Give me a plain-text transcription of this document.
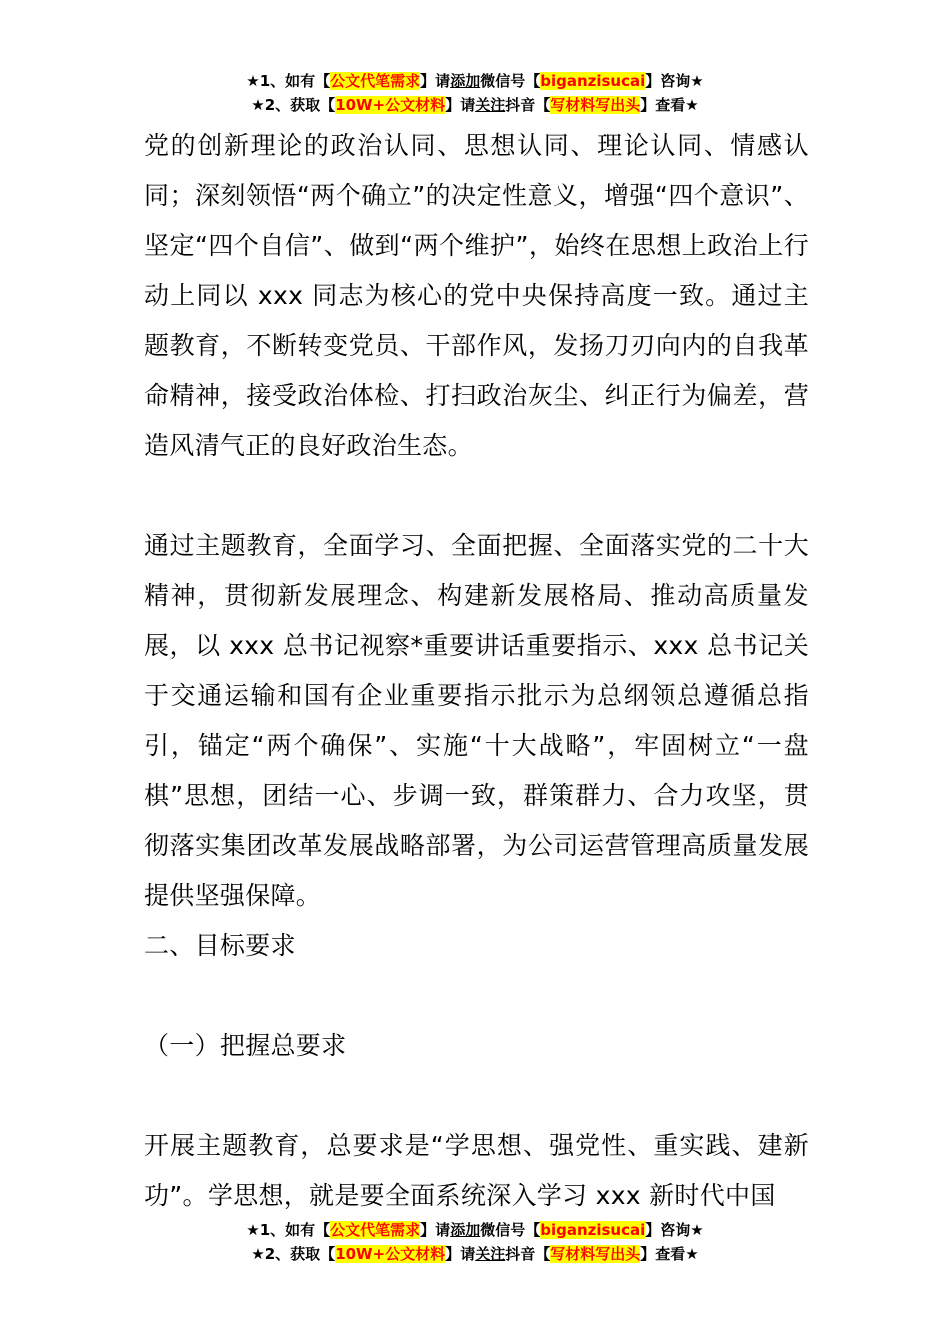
★1、如有【公文代笔需求】请添加微信号【biganzisucai】咨询★
★2、获取【10W+公文材料】请关注抖音【写材料写出头】查看★

党的创新理论的政治认同、思想认同、理论认同、情感认同；深刻领悟“两个确立”的决定性意义，增强“四个意识”、坚定“四个自信”、做到“两个维护”，始终在思想上政治上行动上同以 xxx 同志为核心的党中央保持高度一致。通过主题教育，不断转变党员、干部作风，发扬刀刃向内的自我革命精神，接受政治体检、打扫政治灰尘、纠正行为偏差，营造风清气正的良好政治生态。

通过主题教育，全面学习、全面把握、全面落实党的二十大精神，贯彻新发展理念、构建新发展格局、推动高质量发展，以 xxx 总书记视察*重要讲话重要指示、xxx 总书记关于交通运输和国有企业重要指示批示为总纲领总遵循总指引，锚定“两个确保”、实施“十大战略”，牢固树立“一盘棋”思想，团结一心、步调一致，群策群力、合力攻坚，贯彻落实集团改革发展战略部署，为公司运营管理高质量发展提供坚强保障。

二、目标要求

（一）把握总要求

开展主题教育，总要求是“学思想、强党性、重实践、建新功”。学思想，就是要全面系统深入学习 xxx 新时代中国

★1、如有【公文代笔需求】请添加微信号【biganzisucai】咨询★
★2、获取【10W+公文材料】请关注抖音【写材料写出头】查看★
